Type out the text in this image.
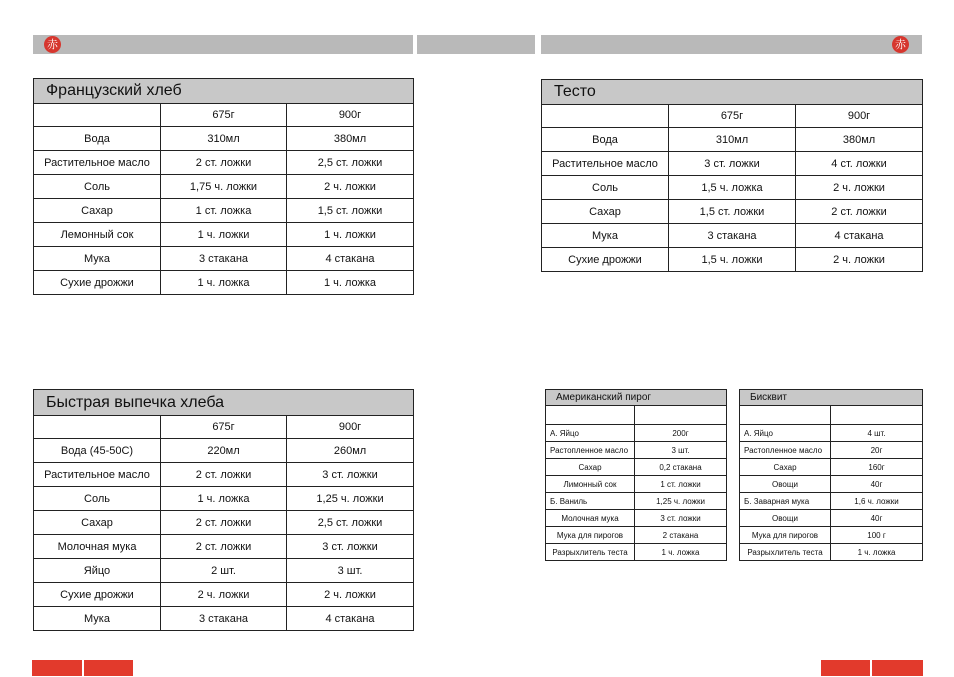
赤	赤
Французский хлеб		
	675г	900г
Вода	310мл	380мл
Растительное масло	2 ст. ложки	2,5 ст. ложки
Соль	1,75 ч. ложки	2 ч. ложки
Сахар	1 ст. ложка	1,5 ст. ложки
Лемонный сок	1 ч. ложки	1 ч. ложки
Мука	3 стакана	4 стакана
Сухие дрожжи	1 ч. ложка	1 ч. ложка
Быстрая выпечка хлеба		
	675г	900г
Вода (45-50С)	220мл	260мл
Растительное масло	2 ст. ложки	3 ст. ложки
Соль	1 ч. ложка	1,25 ч. ложки
Сахар	2 ст. ложки	2,5 ст. ложки
Молочная мука	2 ст. ложки	3 ст. ложки
Яйцо	2 шт.	3 шт.
Сухие дрожжи	2 ч. ложки	2 ч. ложки
Мука	3 стакана	4 стакана
Тесто		
	675г	900г
Вода	310мл	380мл
Растительное масло	3 ст. ложки	4 ст. ложки
Соль	1,5 ч. ложка	2 ч. ложки
Сахар	1,5 ст. ложки	2 ст. ложки
Мука	3 стакана	4 стакана
Сухие дрожжи	1,5 ч. ложки	2 ч. ложки
Американский пирог	

А. Яйцо	200г
Растопленное масло	3 шт.
Сахар	0,2 стакана
Лимонный сок	1 ст. ложки
Б. Ваниль	1,25 ч. ложки
Молочная мука	3 ст. ложки
Мука для пирогов	2 стакана
Разрыхлитель теста	1 ч. ложка
Бисквит	

А. Яйцо	4 шт.
Растопленное масло	20г
Сахар	160г
Овощи	40г
Б. Заварная мука	1,6 ч. ложки
Овощи	40г
Мука для пирогов	100 г
Разрыхлитель теста	1 ч. ложка
